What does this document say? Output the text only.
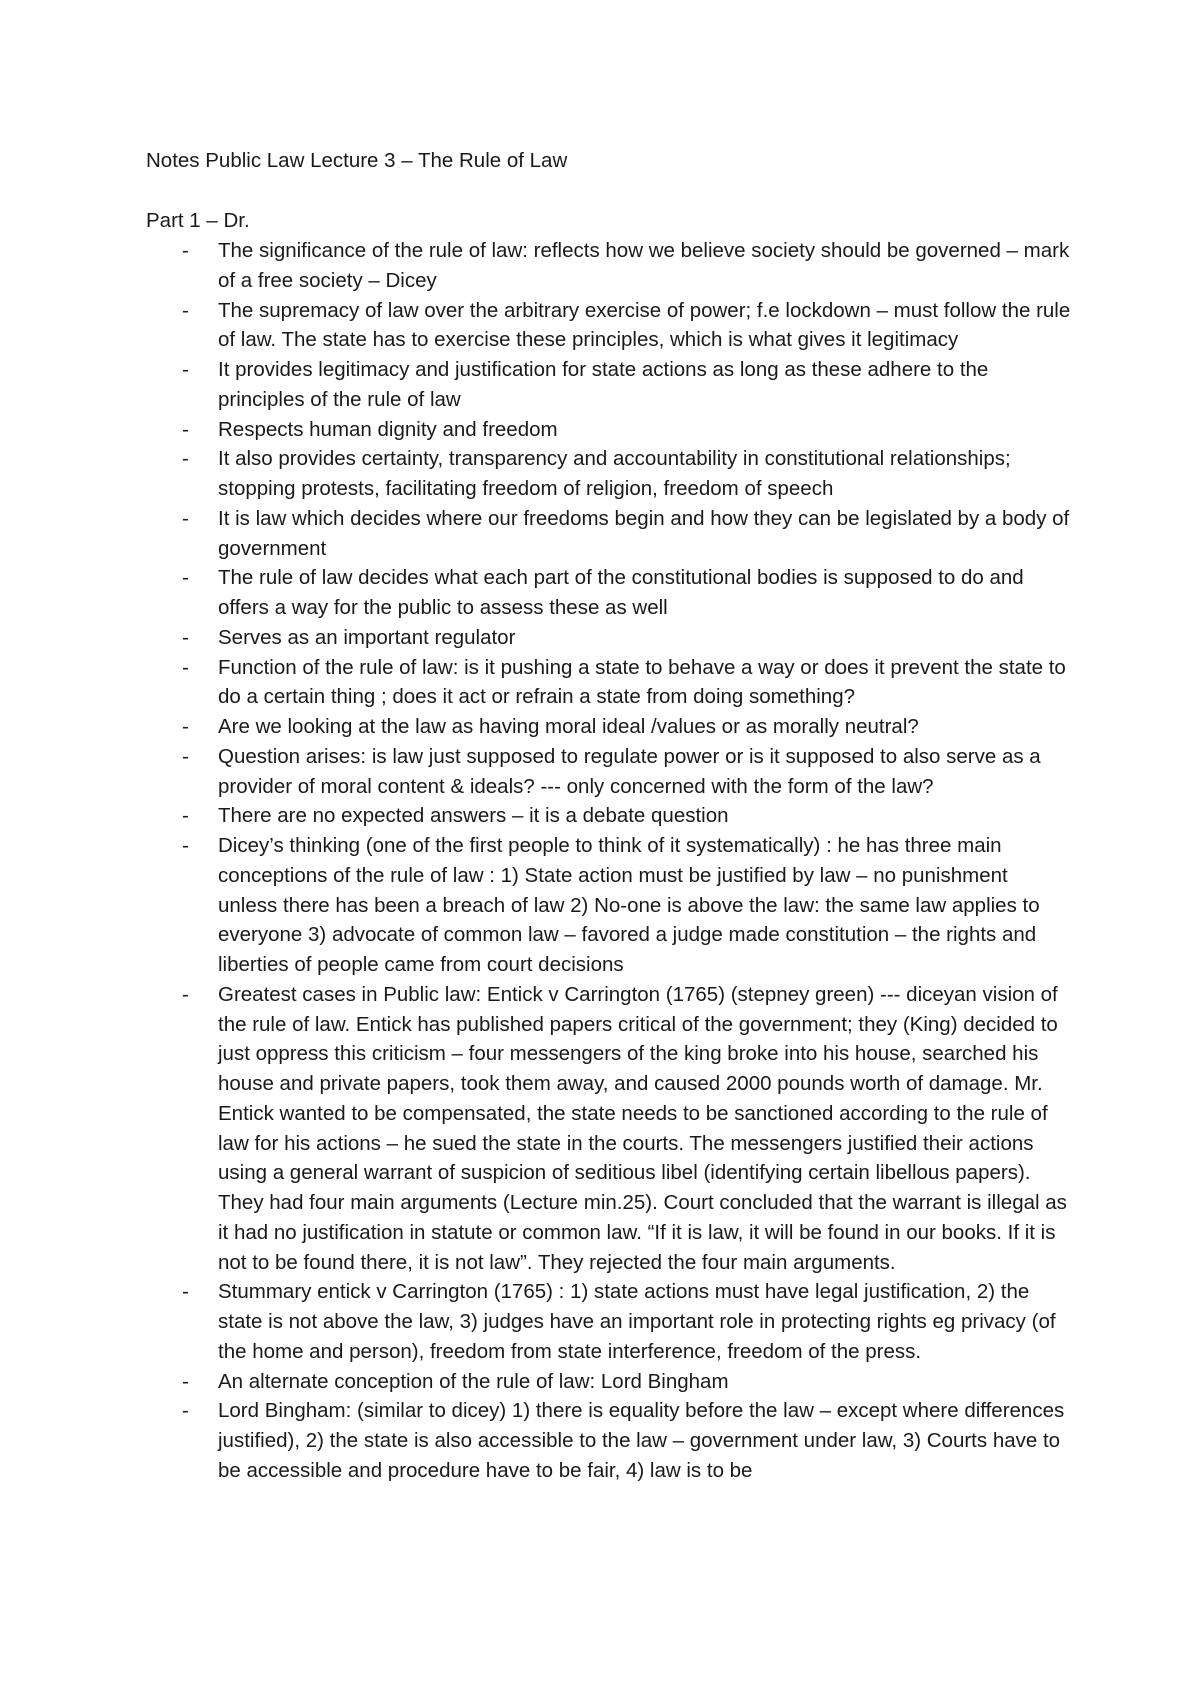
Notes Public Law Lecture 3 – The Rule of Law
Part 1 – Dr.
- The significance of the rule of law: reflects how we believe society should be governed – mark of a free society – Dicey
- The supremacy of law over the arbitrary exercise of power; f.e lockdown – must follow the rule of law. The state has to exercise these principles, which is what gives it legitimacy
- It provides legitimacy and justification for state actions as long as these adhere to the principles of the rule of law
- Respects human dignity and freedom
- It also provides certainty, transparency and accountability in constitutional relationships; stopping protests, facilitating freedom of religion, freedom of speech
- It is law which decides where our freedoms begin and how they can be legislated by a body of government
- The rule of law decides what each part of the constitutional bodies is supposed to do and offers a way for the public to assess these as well
- Serves as an important regulator
- Function of the rule of law: is it pushing a state to behave a way or does it prevent the state to do a certain thing ; does it act or refrain a state from doing something?
- Are we looking at the law as having moral ideal /values or as morally neutral?
- Question arises: is law just supposed to regulate power or is it supposed to also serve as a provider of moral content & ideals? --- only concerned with the form of the law?
- There are no expected answers – it is a debate question
- Dicey’s thinking (one of the first people to think of it systematically) : he has three main conceptions of the rule of law : 1) State action must be justified by law – no punishment unless there has been a breach of law 2) No-one is above the law: the same law applies to everyone 3) advocate of common law – favored a judge made constitution – the rights and liberties of people came from court decisions
- Greatest cases in Public law: Entick v Carrington (1765) (stepney green) --- diceyan vision of the rule of law. Entick has published papers critical of the government; they (King) decided to just oppress this criticism – four messengers of the king broke into his house, searched his house and private papers, took them away, and caused 2000 pounds worth of damage. Mr. Entick wanted to be compensated, the state needs to be sanctioned according to the rule of law for his actions – he sued the state in the courts. The messengers justified their actions using a general warrant of suspicion of seditious libel (identifying certain libellous papers). They had four main arguments (Lecture min.25). Court concluded that the warrant is illegal as it had no justification in statute or common law. “If it is law, it will be found in our books. If it is not to be found there, it is not law”. They rejected the four main arguments.
- Stummary entick v Carrington (1765) : 1) state actions must have legal justification, 2) the state is not above the law, 3) judges have an important role in protecting rights eg privacy (of the home and person), freedom from state interference, freedom of the press.
- An alternate conception of the rule of law: Lord Bingham
- Lord Bingham: (similar to dicey) 1) there is equality before the law – except where differences justified), 2) the state is also accessible to the law – government under law, 3) Courts have to be accessible and procedure have to be fair, 4) law is to be
